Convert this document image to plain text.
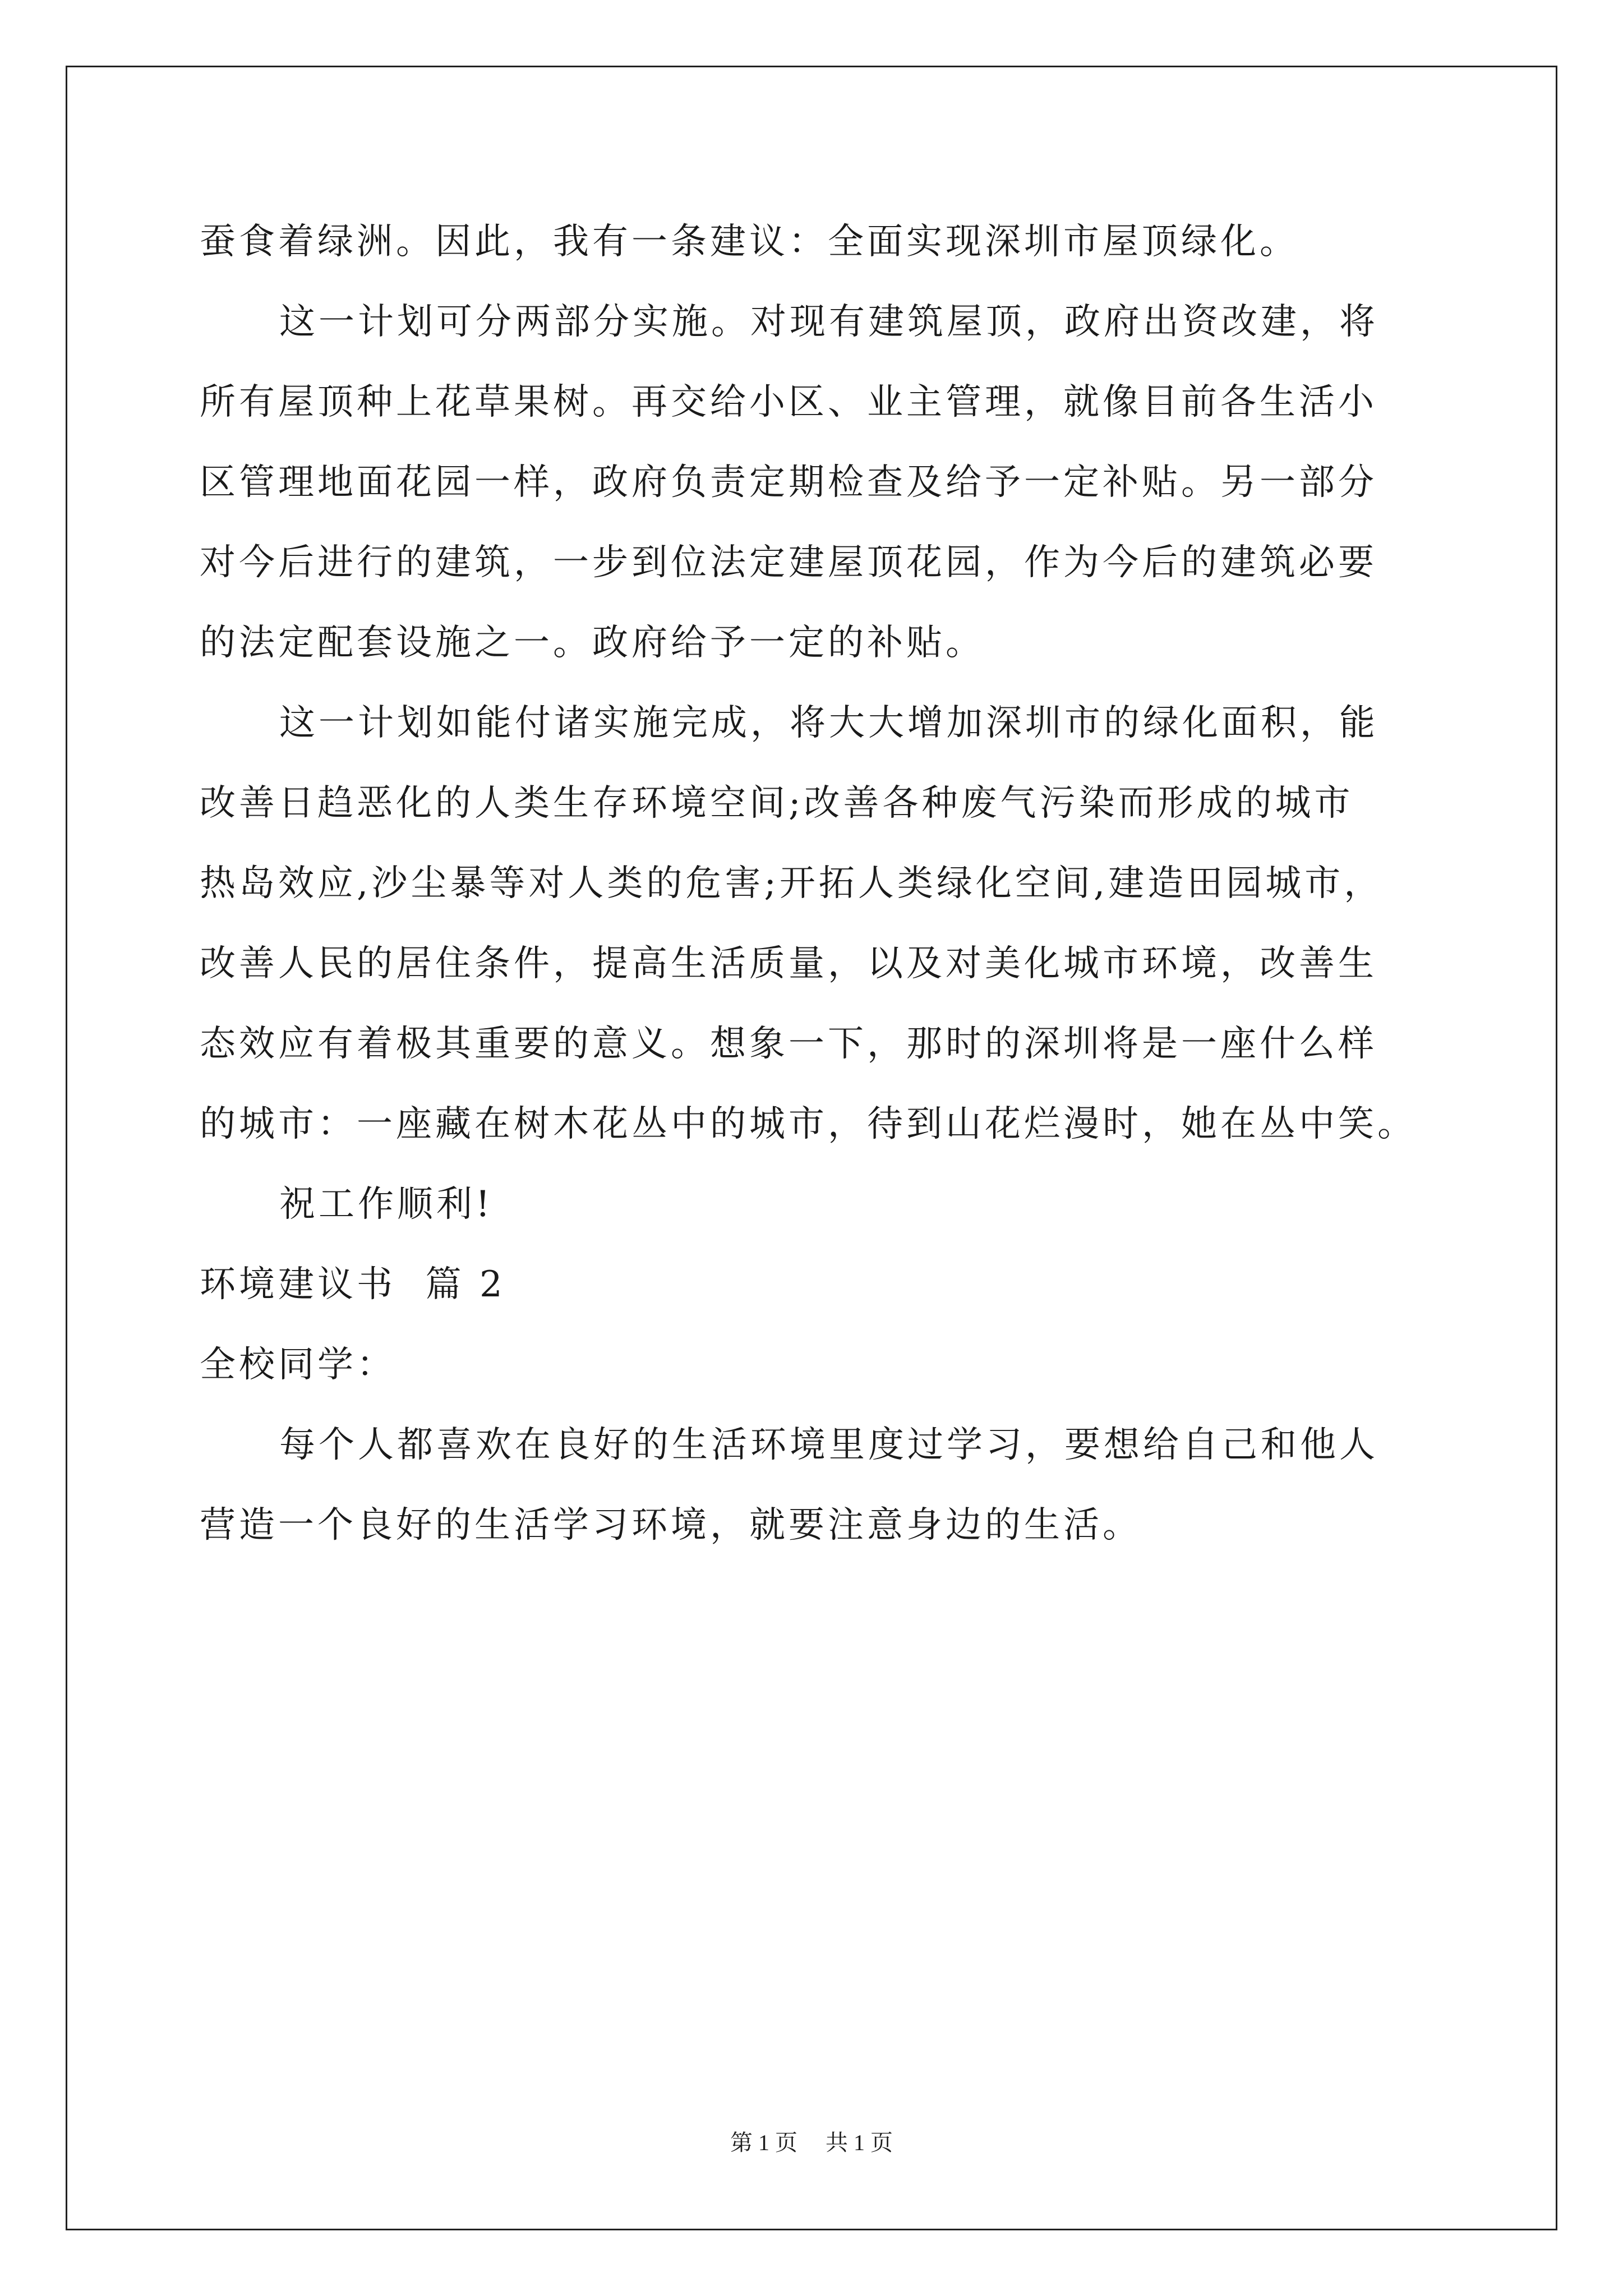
蚕食着绿洲。因此，我有一条建议：全面实现深圳市屋顶绿化。
这一计划可分两部分实施。对现有建筑屋顶，政府出资改建，将
所有屋顶种上花草果树。再交给小区、业主管理，就像目前各生活小
区管理地面花园一样，政府负责定期检查及给予一定补贴。另一部分
对今后进行的建筑，一步到位法定建屋顶花园，作为今后的建筑必要
的法定配套设施之一。政府给予一定的补贴。
这一计划如能付诸实施完成，将大大增加深圳市的绿化面积，能
改善日趋恶化的人类生存环境空间;改善各种废气污染而形成的城市
热岛效应,沙尘暴等对人类的危害;开拓人类绿化空间,建造田园城市，
改善人民的居住条件，提高生活质量，以及对美化城市环境，改善生
态效应有着极其重要的意义。想象一下，那时的深圳将是一座什么样
的城市：一座藏在树木花丛中的城市，待到山花烂漫时，她在丛中笑。
祝工作顺利!
环境建议书  篇 2
全校同学：
每个人都喜欢在良好的生活环境里度过学习，要想给自己和他人
营造一个良好的生活学习环境，就要注意身边的生活。
第 1 页 共 1 页
